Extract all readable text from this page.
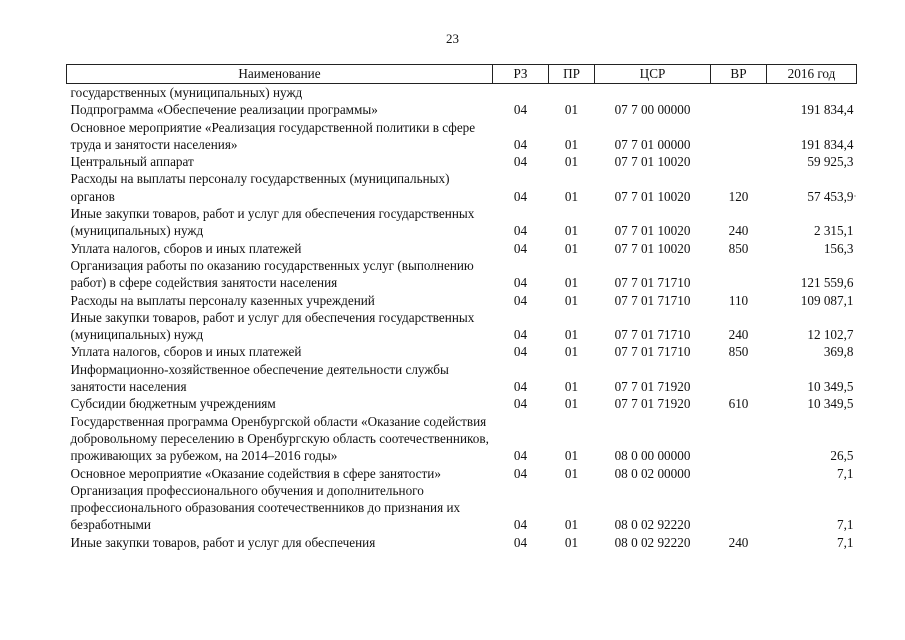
23
Наименование	РЗ	ПР	ЦСР	ВР	2016 год
государственных (муниципальных) нужд					
Подпрограмма «Обеспечение реализации программы»	04	01	07 7 00 00000		191 834,4
Основное мероприятие «Реализация государственной политики в сфере труда и занятости населения»	04	01	07 7 01 00000		191 834,4
Центральный аппарат	04	01	07 7 01 10020		59 925,3
Расходы на выплаты персоналу государственных (муниципальных) органов	04	01	07 7 01 10020	120	57 453,9
Иные закупки товаров, работ и услуг для обеспечения государственных (муниципальных) нужд	04	01	07 7 01 10020	240	2 315,1
Уплата налогов, сборов и иных платежей	04	01	07 7 01 10020	850	156,3
Организация работы по оказанию государственных услуг (выполнению работ) в сфере содействия занятости населения	04	01	07 7 01 71710		121 559,6
Расходы на выплаты персоналу казенных учреждений	04	01	07 7 01 71710	110	109 087,1
Иные закупки товаров, работ и услуг для обеспечения государственных (муниципальных) нужд	04	01	07 7 01 71710	240	12 102,7
Уплата налогов, сборов и иных платежей	04	01	07 7 01 71710	850	369,8
Информационно-хозяйственное обеспечение деятельности службы занятости населения	04	01	07 7 01 71920		10 349,5
Субсидии бюджетным учреждениям	04	01	07 7 01 71920	610	10 349,5
Государственная программа Оренбургской области «Оказание содействия добровольному переселению в Оренбургскую область соотечественников, проживающих за рубежом, на 2014–2016 годы»	04	01	08 0 00 00000		26,5
Основное мероприятие «Оказание содействия в сфере занятости»	04	01	08 0 02 00000		7,1
Организация профессионального обучения и дополнительного профессионального образования соотечественников до признания их безработными	04	01	08 0 02 92220		7,1
Иные закупки товаров, работ и услуг для обеспечения	04	01	08 0 02 92220	240	7,1
